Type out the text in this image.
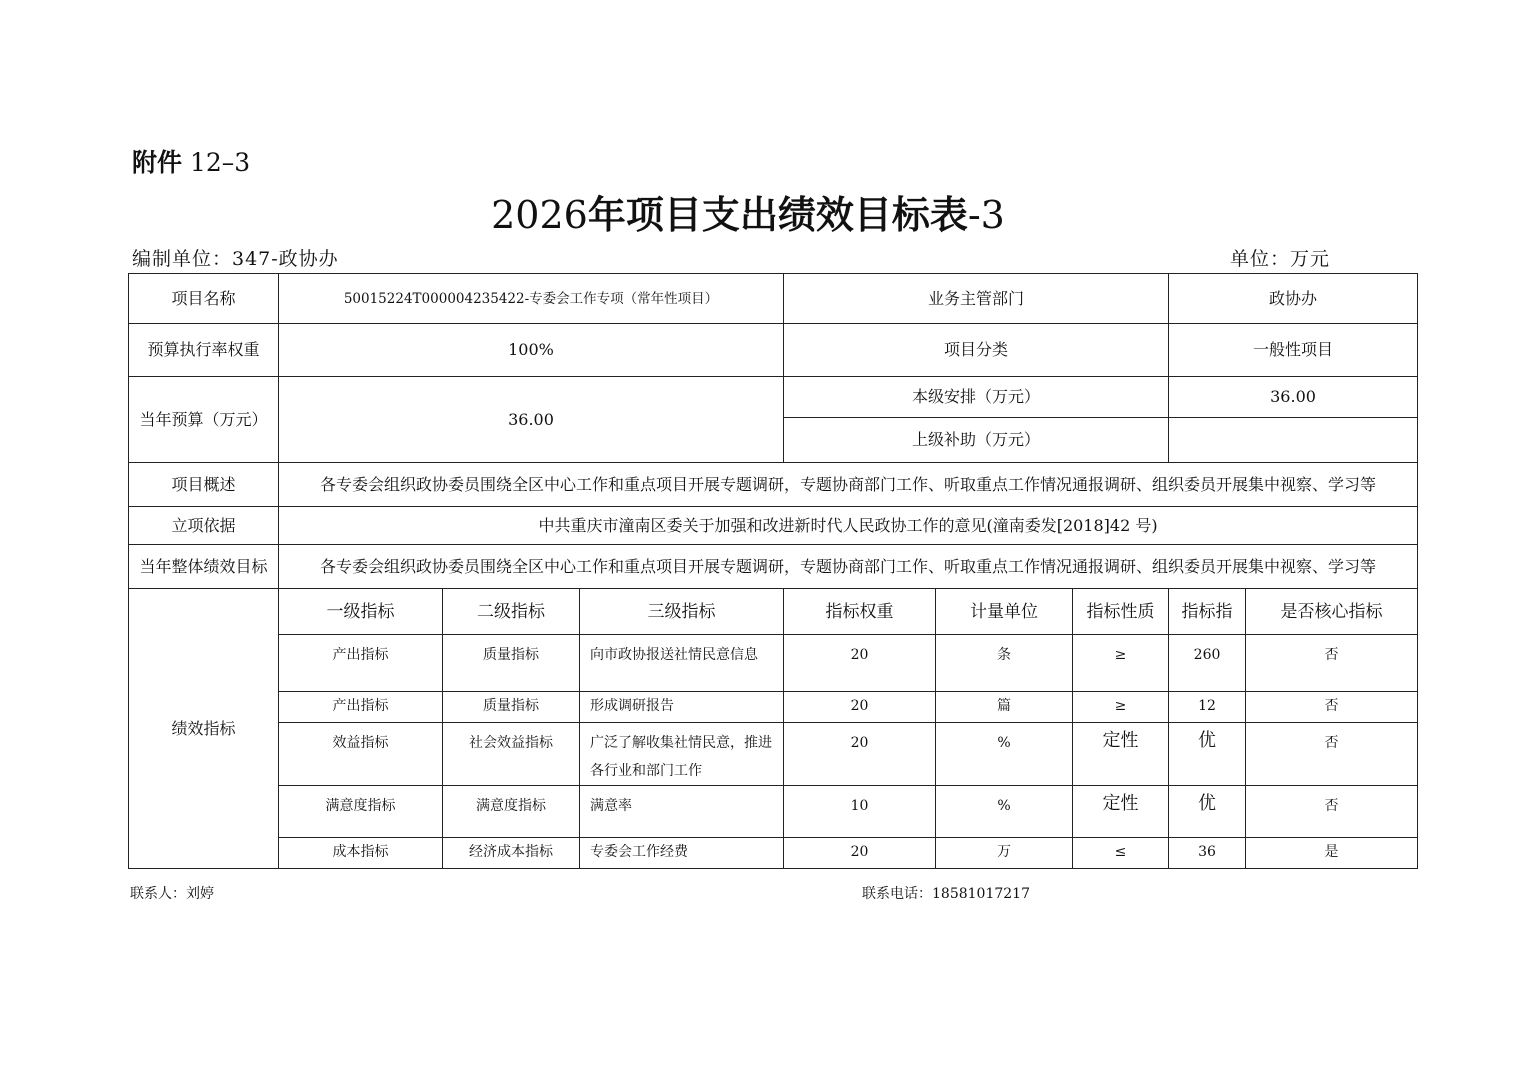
附件 12–3
2026年项目支出绩效目标表-3
编制单位：347-政协办	单位：万元
项目名称	50015224T000004235422-专委会工作专项（常年性项目）			业务主管部门			政协办	
预算执行率权重	100%			项目分类			一般性项目	
当年预算（万元）	36.00			本级安排（万元）			36.00	
				上级补助（万元）				
项目概述	各专委会组织政协委员围绕全区中心工作和重点项目开展专题调研，专题协商部门工作、听取重点工作情况通报调研、组织委员开展集中视察、学习等							
立项依据	中共重庆市潼南区委关于加强和改进新时代人民政协工作的意见(潼南委发[2018]42 号)							
当年整体绩效目标	各专委会组织政协委员围绕全区中心工作和重点项目开展专题调研，专题协商部门工作、听取重点工作情况通报调研、组织委员开展集中视察、学习等							
绩效指标	一级指标	二级指标	三级指标	指标权重	计量单位	指标性质	指标指	是否核心指标
	产出指标	质量指标	向市政协报送社情民意信息	20	条	≥	260	否
	产出指标	质量指标	形成调研报告	20	篇	≥	12	否
	效益指标	社会效益指标	广泛了解收集社情民意，推进各行业和部门工作	20	%	定性	优	否
	满意度指标	满意度指标	满意率	10	%	定性	优	否
	成本指标	经济成本指标	专委会工作经费	20	万	≤	36	是
联系人：刘婷	联系电话：18581017217
